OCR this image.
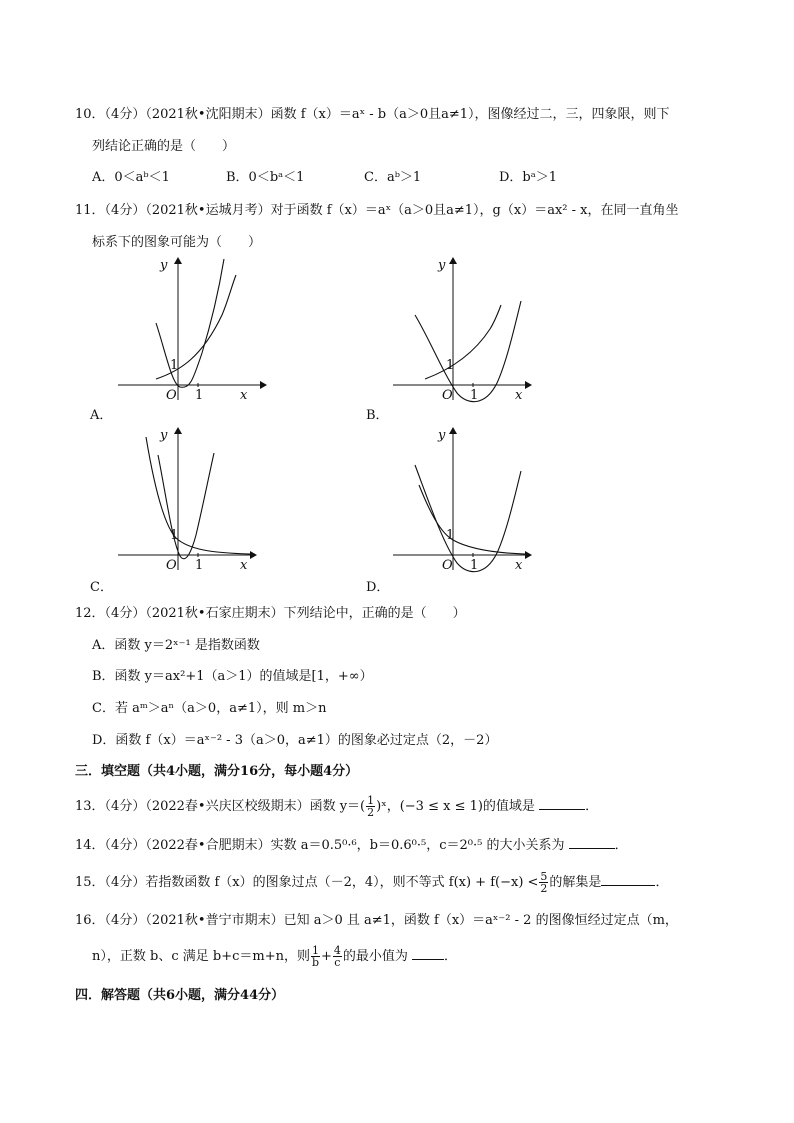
10．（4分）（2021秋•沈阳期末）函数 f（x）＝aˣ - b（a＞0且a≠1），图像经过二，三，四象限，则下
列结论正确的是（　　）
A．0＜aᵇ＜1	B．0＜bᵃ＜1	C．aᵇ＞1	D．bᵃ＞1
11．（4分）（2021秋•运城月考）对于函数 f（x）＝aˣ（a＞0且a≠1），g（x）＝ax² - x，在同一直角坐
标系下的图象可能为（　　）
A．
y
x
O
1
1
B．
y
x
O
1
1
C．
y
x
O
1
1
D．
y
x
O
1
1
12．（4分）（2021秋•石家庄期末）下列结论中，正确的是（　　）
A．函数 y＝2ˣ⁻¹ 是指数函数
B．函数 y＝ax²+1（a＞1）的值域是[1，+∞）
C．若 aᵐ＞aⁿ（a＞0，a≠1），则 m＞n
D．函数 f（x）＝aˣ⁻² - 3（a＞0，a≠1）的图象必过定点（2，－2）
三．填空题（共4小题，满分16分，每小题4分）
13．（4分）（2022春•兴庆区校级期末）函数 $y=( \frac{1}{2}$ )ˣ，(−3 ≤ x ≤ 1)的值域是	．
14．（4分）（2022春•合肥期末）实数 a＝0.5⁰·⁶，b＝0.6⁰·⁵，c＝2⁰·⁵ 的大小关系为	．
15．（4分）若指数函数 f（x）的图象过点（－2，4），则不等式 $f(x) + f(-x) < \frac{5}{2}$ 的解集是	．
16．（4分）（2021秋•普宁市期末）已知 a＞0 且 a≠1，函数 f（x）＝aˣ⁻² - 2 的图像恒经过定点（m，
n），正数 b、c 满足 b+c＝m+n，则 $\frac{1}{b} + \frac{4}{c}$ 的最小值为	．
四．解答题（共6小题，满分44分）
